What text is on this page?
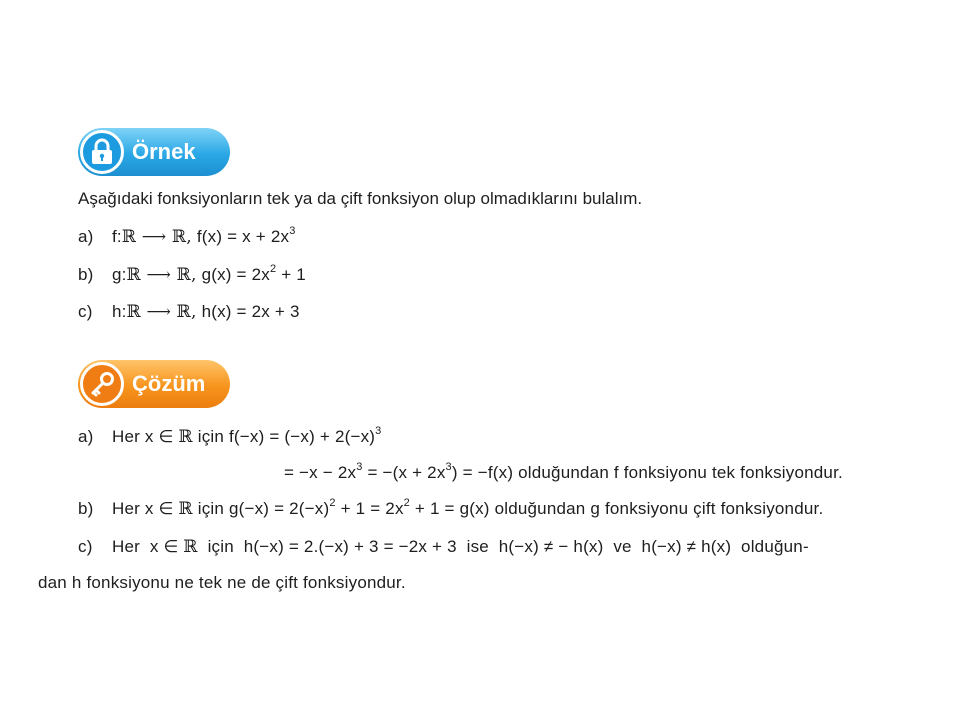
Örnek
Aşağıdaki fonksiyonların tek ya da çift fonksiyon olup olmadıklarını bulalım.
a) f:ℝ ⟶ ℝ, $f(x) = x + 2x^3$
b) g:ℝ ⟶ ℝ, $g(x) = 2x^2 + 1$
c) h:ℝ ⟶ ℝ, h(x) = 2x + 3
Çözüm
a) Her x ∈ ℝ için $f(-x) = (-x) + 2(-x)^3$
= $-x - 2x^3 = -(x + 2x^3) = -f(x)$ olduğundan f fonksiyonu tek fonksiyondur.
b) Her x ∈ ℝ için $g(-x) = 2(-x)^2 + 1 = 2x^2 + 1 = g(x)$ olduğundan g fonksiyonu çift fonksiyondur.
c) Her  x ∈ ℝ  için  h(−x) = 2.(−x) + 3 = −2x + 3  ise  h(−x) ≠ − h(x)  ve  h(−x) ≠ h(x)  olduğun-
dan h fonksiyonu ne tek ne de çift fonksiyondur.
